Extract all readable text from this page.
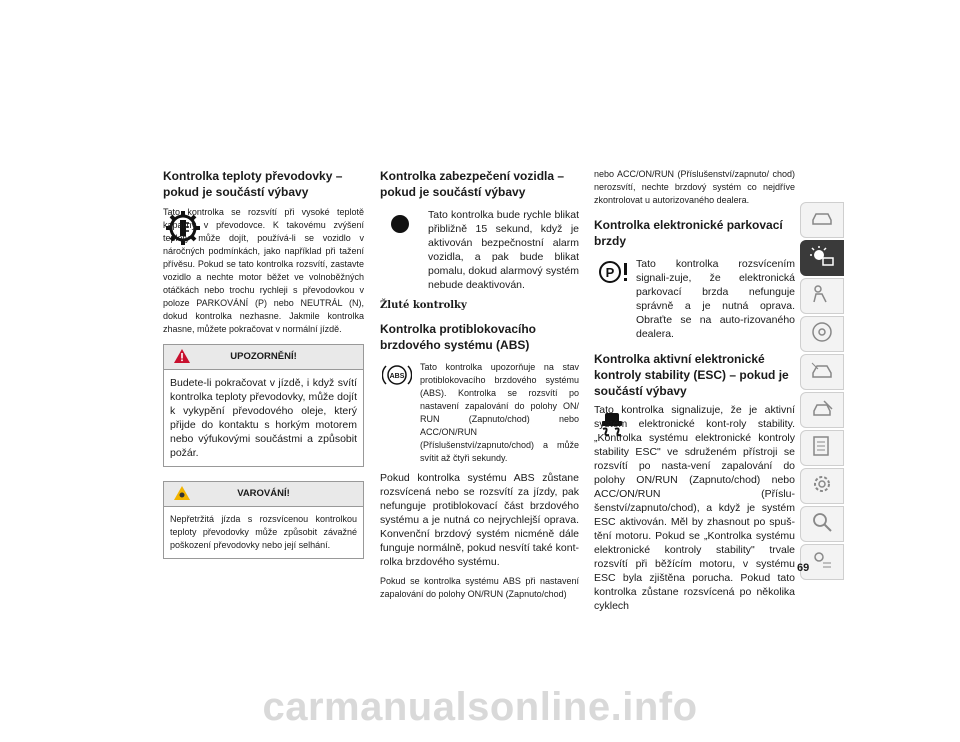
Kontrolka teploty převodovky – pokud je součástí výbavy

Tato kontrolka se rozsvítí při vysoké teplotě kapaliny v převodovce. K takovému zvýšení teploty může dojít, používá-li se vozidlo v náročných podmínkách, jako například při tažení přívěsu. Pokud se tato kontrolka rozsvítí, zastavte vozidlo a nechte motor běžet ve volnoběžných otáčkách nebo trochu rychleji s převodovkou v poloze PARKOVÁNÍ (P) nebo NEUTRÁL (N), dokud kontrolka nezhasne. Jakmile kontrolka zhasne, můžete pokračovat v normální jízdě.

UPOZORNĚNÍ!

Budete-li pokračovat v jízdě, i když svítí kontrolka teploty převodovky, může dojít k vykypění převodového oleje, který přijde do kontaktu s horkým motorem nebo výfukovými součástmi a způsobit požár.

VAROVÁNÍ!

Nepřetržitá jízda s rozsvícenou kontrolkou teploty převodovky může způsobit závažné poškození převodovky nebo její selhání.

Kontrolka zabezpečení vozidla – pokud je součástí výbavy

Tato kontrolka bude rychle blikat přibližně 15 sekund, když je aktivován bezpečnostní alarm vozidla, a pak bude blikat pomalu, dokud alarmový systém nebude deaktivován.

Žluté kontrolky
Kontrolka protiblokovacího brzdového systému (ABS)
ABS

Tato kontrolka upozorňuje na stav protiblokovacího brzdového systému (ABS). Kontrolka se rozsvítí po nastavení zapalování do polohy ON/ RUN (Zapnuto/chod) nebo ACC/ON/RUN (Příslušenství/zapnuto/chod) a může svítit až čtyři sekundy.

Pokud kontrolka systému ABS zůstane rozsvícená nebo se rozsvítí za jízdy, pak nefunguje protiblokovací část brzdového systému a je nutná co nejrychlejší oprava. Konvenční brzdový systém nicméně dále funguje normálně, pokud nesvítí také kont-rolka brzdového systému.

Pokud se kontrolka systému ABS při nastavení zapalování do polohy ON/RUN (Zapnuto/chod)

nebo ACC/ON/RUN (Příslušenství/zapnuto/ chod) nerozsvítí, nechte brzdový systém co nejdříve zkontrolovat u autorizovaného dealera.

Kontrolka elektronické parkovací brzdy
P

Tato kontrolka rozsvícením signali-zuje, že elektronická parkovací brzda nefunguje správně a je nutná oprava. Obraťte se na auto-rizovaného dealera.

Kontrolka aktivní elektronické kontroly stability (ESC) – pokud je součástí výbavy

Tato kontrolka signalizuje, že je aktivní systém elektronické kont-roly stability. „Kontrolka systému elektronické kontroly stability ESC" ve sdruženém přístroji se rozsvítí po nasta-vení zapalování do polohy ON/RUN (Zapnuto/chod) nebo ACC/ON/RUN (Příslu-šenství/zapnuto/chod), a když je systém ESC aktivován. Měl by zhasnout po spuš-tění motoru. Pokud se „Kontrolka systému elektronické kontroly stability" trvale rozsvítí při běžícím motoru, v systému ESC byla zjištěna porucha. Pokud tato kontrolka zůstane rozsvícená po několika cyklech

69
carmanualsonline.info
